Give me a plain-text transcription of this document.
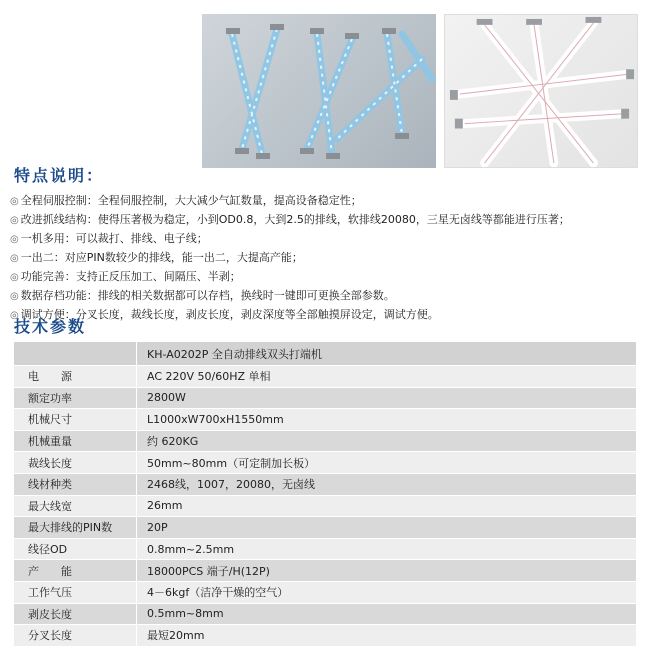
特点说明：
◎ 全程伺服控制：全程伺服控制，大大减少气缸数量，提高设备稳定性；
◎ 改进抓线结构：使得压著极为稳定，小到OD0.8，大到2.5的排线，软排线20080，三星无卤线等都能进行压著；
◎ 一机多用：可以裁打、排线、电子线；
◎ 一出二：对应PIN数较少的排线，能一出二，大提高产能；
◎ 功能完善：支持正反压加工、间隔压、半剥；
◎ 数据存档功能：排线的相关数据都可以存档，换线时一键即可更换全部参数。
◎ 调试方便：分叉长度，裁线长度，剥皮长度，剥皮深度等全部触摸屏设定，调试方便。
技术参数
	KH-A0202P 全自动排线双头打端机
电　　源	AC 220V 50/60HZ 单相
额定功率	2800W
机械尺寸	L1000xW700xH1550mm
机械重量	约 620KG
裁线长度	50mm~80mm（可定制加长板）
线材种类	2468线，1007，20080，无卤线
最大线宽	26mm
最大排线的PIN数	20P
线径OD	0.8mm~2.5mm
产　　能	18000PCS 端子/H(12P)
工作气压	4－6kgf（洁净干燥的空气）
剥皮长度	0.5mm~8mm
分叉长度	最短20mm
